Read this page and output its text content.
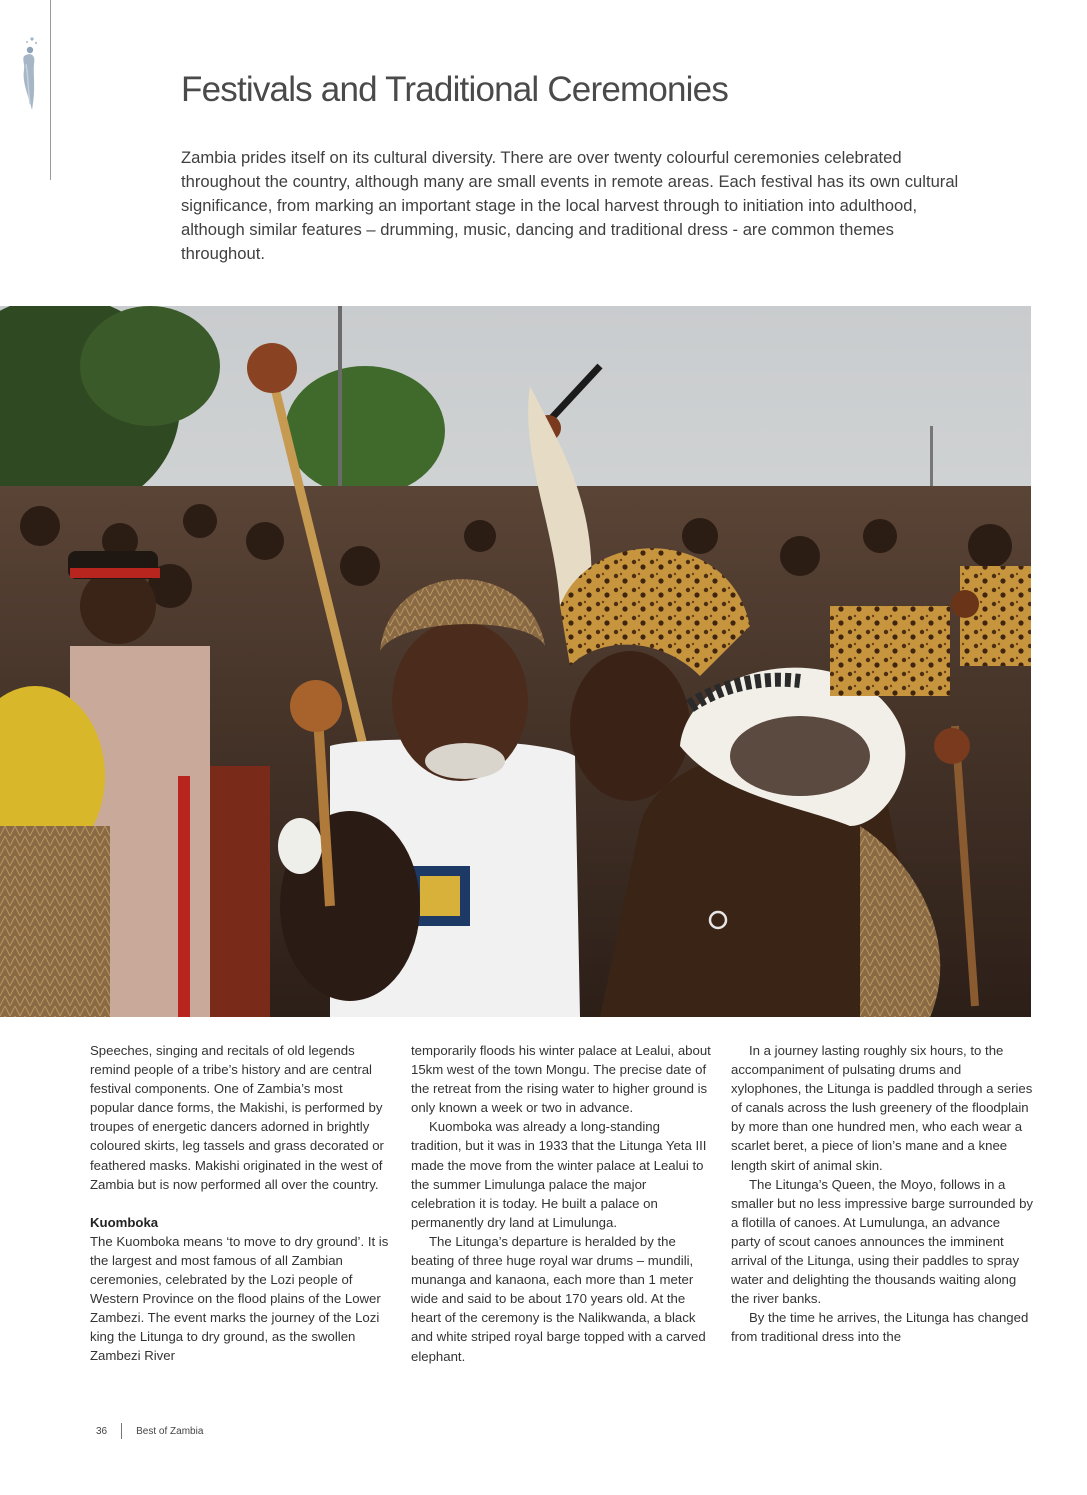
Festivals and Traditional Ceremonies

Zambia prides itself on its cultural diversity. There are over twenty colourful ceremonies celebrated throughout the country, although many are small events in remote areas. Each festival has its own cultural significance, from marking an important stage in the local harvest through to initiation into adulthood, although similar features – drumming, music, dancing and traditional dress - are common themes throughout.

Speeches, singing and recitals of old legends remind people of a tribe’s history and are central festival components. One of Zambia’s most popular dance forms, the Makishi, is performed by troupes of energetic dancers adorned in brightly coloured skirts, leg tassels and grass decorated or feathered masks. Makishi originated in the west of Zambia but is now performed all over the country.

Kuomboka

The Kuomboka means ‘to move to dry ground’. It is the largest and most famous of all Zambian ceremonies, celebrated by the Lozi people of Western Province on the flood plains of the Lower Zambezi. The event marks the journey of the Lozi king the Litunga to dry ground, as the swollen Zambezi River

temporarily floods his winter palace at Lealui, about 15km west of the town Mongu. The precise date of the retreat from the rising water to higher ground is only known a week or two in advance.

Kuomboka was already a long-standing tradition, but it was in 1933 that the Litunga Yeta III made the move from the winter palace at Lealui to the summer Limulunga palace the major celebration it is today. He built a palace on permanently dry land at Limulunga.

The Litunga’s departure is heralded by the beating of three huge royal war drums – mundili, munanga and kanaona, each more than 1 meter wide and said to be about 170 years old. At the heart of the ceremony is the Nalikwanda, a black and white striped royal barge topped with a carved elephant.

In a journey lasting roughly six hours, to the accompaniment of pulsating drums and xylophones, the Litunga is paddled through a series of canals across the lush greenery of the floodplain by more than one hundred men, who each wear a scarlet beret, a piece of lion’s mane and a knee length skirt of animal skin.

The Litunga’s Queen, the Moyo, follows in a smaller but no less impressive barge surrounded by a flotilla of canoes. At Lumulunga, an advance party of scout canoes announces the imminent arrival of the Litunga, using their paddles to spray water and delighting the thousands waiting along the river banks.

By the time he arrives, the Litunga has changed from traditional dress into the

36	Best of Zambia
